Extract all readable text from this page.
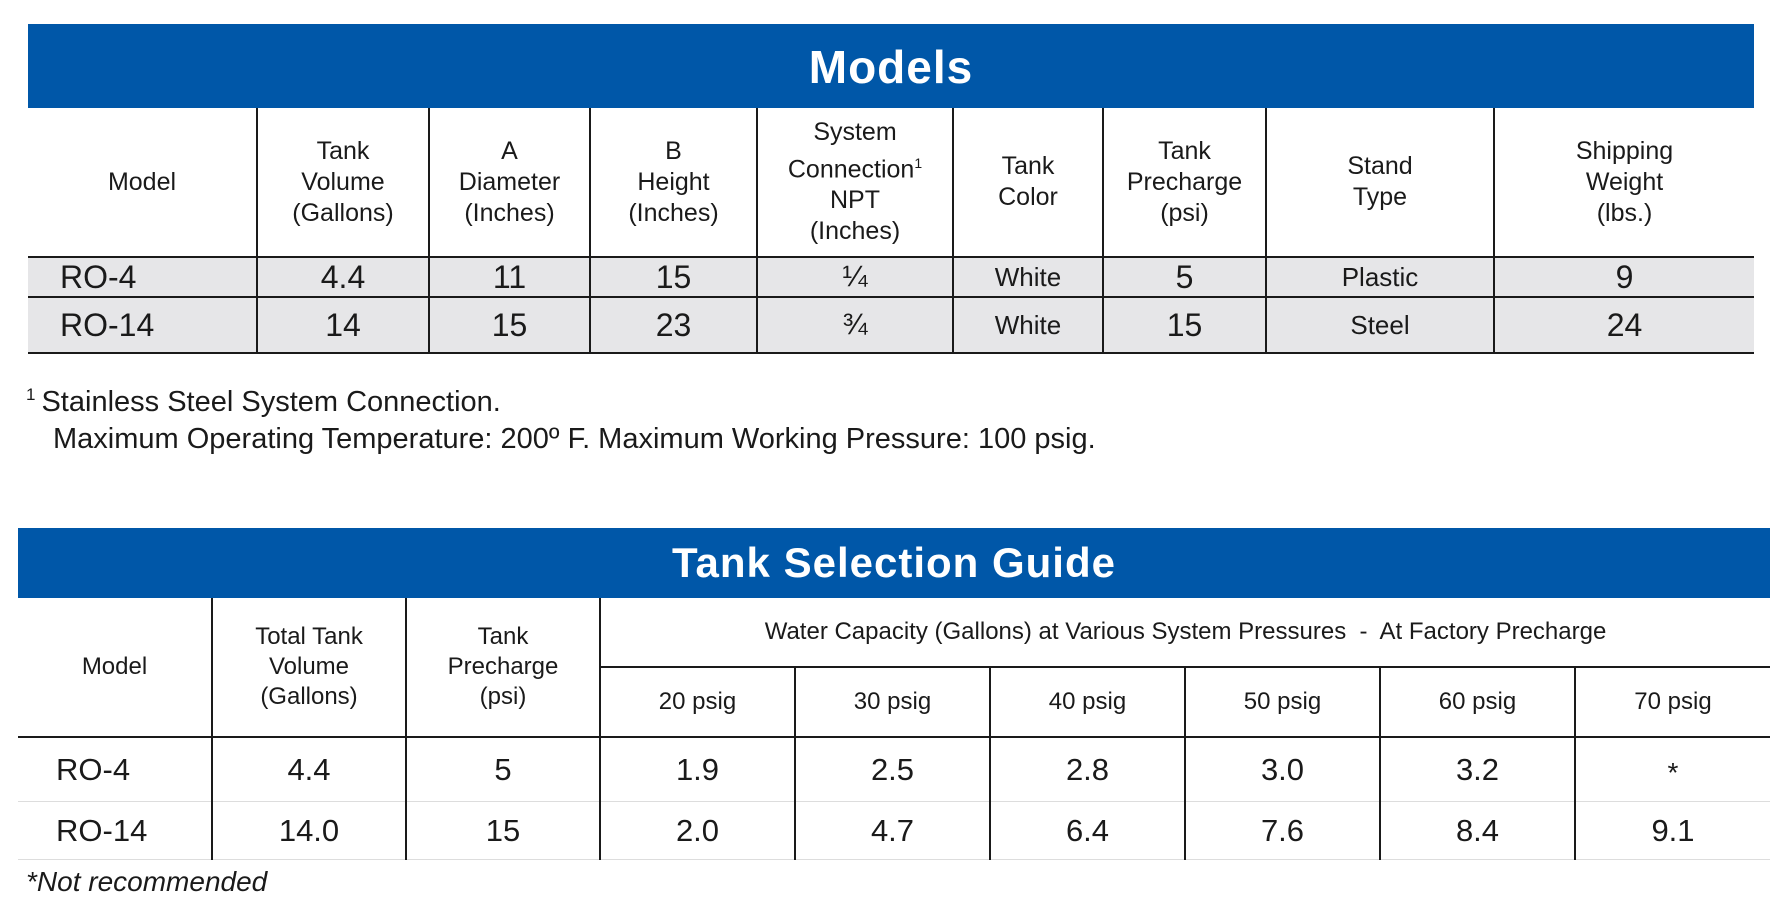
Models
Model	Tank
Volume
(Gallons)	A
Diameter
(Inches)	B
Height
(Inches)	System
Connection$^1$
NPT
(Inches)	Tank
Color	Tank
Precharge
(psi)	Stand
Type	Shipping
Weight
(lbs.)
RO-4	4.4	11	15	¼	White	5	Plastic	9
RO-14	14	15	23	¾	White	15	Steel	24
$^1$ Stainless Steel System Connection.
Maximum Operating Temperature: 200º F. Maximum Working Pressure: 100 psig.
Tank Selection Guide
Model	Total Tank
Volume
(Gallons)	Tank
Precharge
(psi)	Water Capacity (Gallons) at Various System Pressures  -  At Factory Precharge					
			20 psig	30 psig	40 psig	50 psig	60 psig	70 psig
RO-4	4.4	5	1.9	2.5	2.8	3.0	3.2	*
RO-14	14.0	15	2.0	4.7	6.4	7.6	8.4	9.1
*Not recommended
